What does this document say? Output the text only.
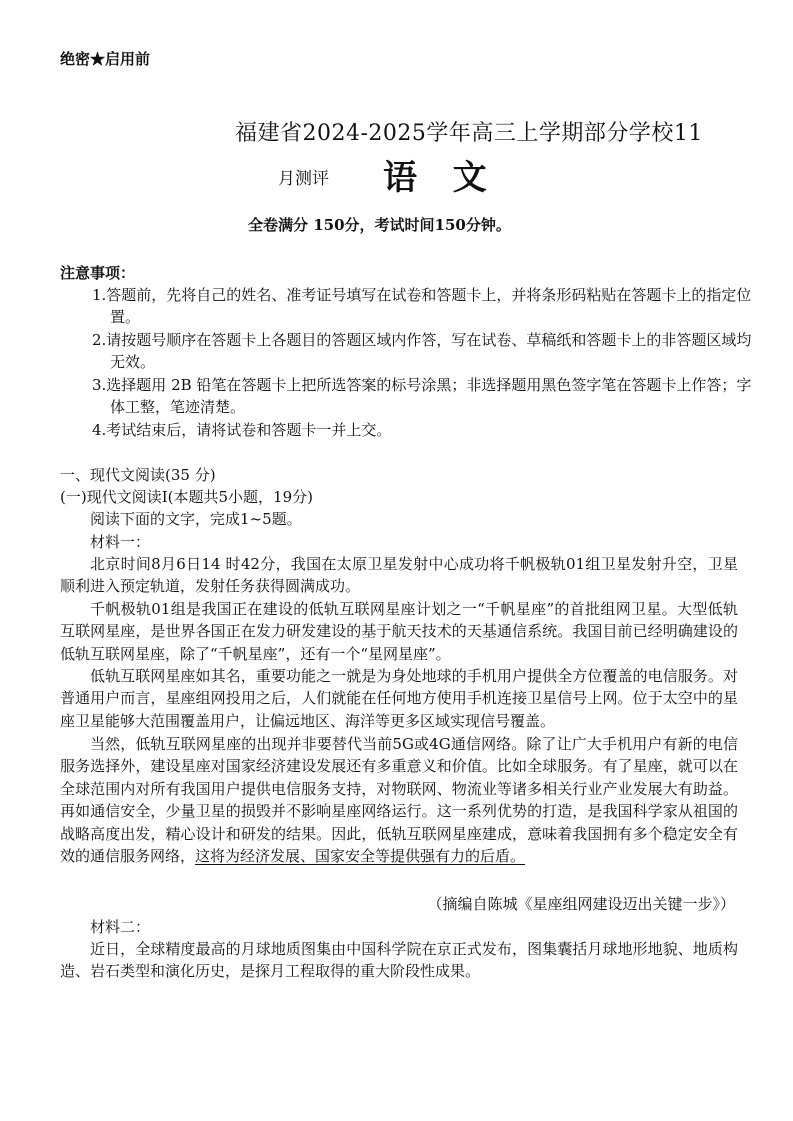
绝密★启用前
福建省2024-2025学年高三上学期部分学校11
月测评 语  文
全卷满分 150分，考试时间150分钟。
注意事项：
1.答题前，先将自己的姓名、准考证号填写在试卷和答题卡上，并将条形码粘贴在答题卡上的指定位置。
2.请按题号顺序在答题卡上各题目的答题区域内作答，写在试卷、草稿纸和答题卡上的非答题区域均无效。
3.选择题用 2B 铅笔在答题卡上把所选答案的标号涂黑；非选择题用黑色签字笔在答题卡上作答；字体工整，笔迹清楚。
4.考试结束后，请将试卷和答题卡一并上交。
一、现代文阅读(35 分)
(一)现代文阅读Ⅰ(本题共5小题，19分)
阅读下面的文字，完成1~5题。
材料一：
北京时间8月6日14 时42分，我国在太原卫星发射中心成功将千帆极轨01组卫星发射升空，卫星顺利进入预定轨道，发射任务获得圆满成功。
千帆极轨01组是我国正在建设的低轨互联网星座计划之一“千帆星座”的首批组网卫星。大型低轨互联网星座，是世界各国正在发力研发建设的基于航天技术的天基通信系统。我国目前已经明确建设的低轨互联网星座，除了“千帆星座”，还有一个“星网星座”。
低轨互联网星座如其名，重要功能之一就是为身处地球的手机用户提供全方位覆盖的电信服务。对普通用户而言，星座组网投用之后，人们就能在任何地方使用手机连接卫星信号上网。位于太空中的星座卫星能够大范围覆盖用户，让偏远地区、海洋等更多区域实现信号覆盖。
当然，低轨互联网星座的出现并非要替代当前5G或4G通信网络。除了让广大手机用户有新的电信服务选择外，建设星座对国家经济建设发展还有多重意义和价值。比如全球服务。有了星座，就可以在全球范围内对所有我国用户提供电信服务支持，对物联网、物流业等诸多相关行业产业发展大有助益。再如通信安全，少量卫星的损毁并不影响星座网络运行。这一系列优势的打造，是我国科学家从祖国的战略高度出发，精心设计和研发的结果。因此，低轨互联网星座建成，意味着我国拥有多个稳定安全有效的通信服务网络，这将为经济发展、国家安全等提供强有力的后盾。
（摘编自陈城《星座组网建设迈出关键一步》）
材料二：
近日，全球精度最高的月球地质图集由中国科学院在京正式发布，图集囊括月球地形地貌、地质构造、岩石类型和演化历史，是探月工程取得的重大阶段性成果。
